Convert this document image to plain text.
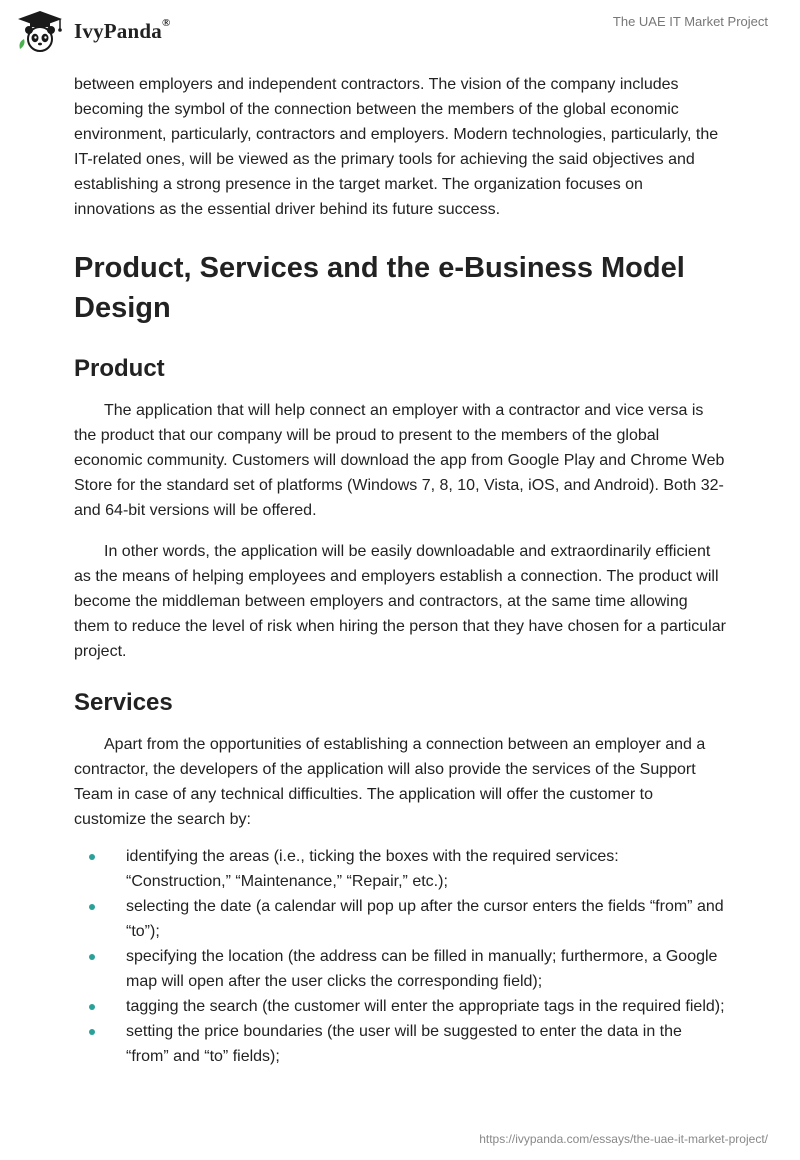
IvyPanda®	The UAE IT Market Project

between employers and independent contractors. The vision of the company includes becoming the symbol of the connection between the members of the global economic environment, particularly, contractors and employers. Modern technologies, particularly, the IT-related ones, will be viewed as the primary tools for achieving the said objectives and establishing a strong presence in the target market. The organization focuses on innovations as the essential driver behind its future success.

Product, Services and the e-Business Model Design
Product

The application that will help connect an employer with a contractor and vice versa is the product that our company will be proud to present to the members of the global economic community. Customers will download the app from Google Play and Chrome Web Store for the standard set of platforms (Windows 7, 8, 10, Vista, iOS, and Android). Both 32- and 64-bit versions will be offered.

In other words, the application will be easily downloadable and extraordinarily efficient as the means of helping employees and employers establish a connection. The product will become the middleman between employers and contractors, at the same time allowing them to reduce the level of risk when hiring the person that they have chosen for a particular project.

Services

Apart from the opportunities of establishing a connection between an employer and a contractor, the developers of the application will also provide the services of the Support Team in case of any technical difficulties. The application will offer the customer to customize the search by:

identifying the areas (i.e., ticking the boxes with the required services: “Construction,” “Maintenance,” “Repair,” etc.);
selecting the date (a calendar will pop up after the cursor enters the fields “from” and “to”);
specifying the location (the address can be filled in manually; furthermore, a Google map will open after the user clicks the corresponding field);
tagging the search (the customer will enter the appropriate tags in the required field);
setting the price boundaries (the user will be suggested to enter the data in the “from” and “to” fields);
https://ivypanda.com/essays/the-uae-it-market-project/
